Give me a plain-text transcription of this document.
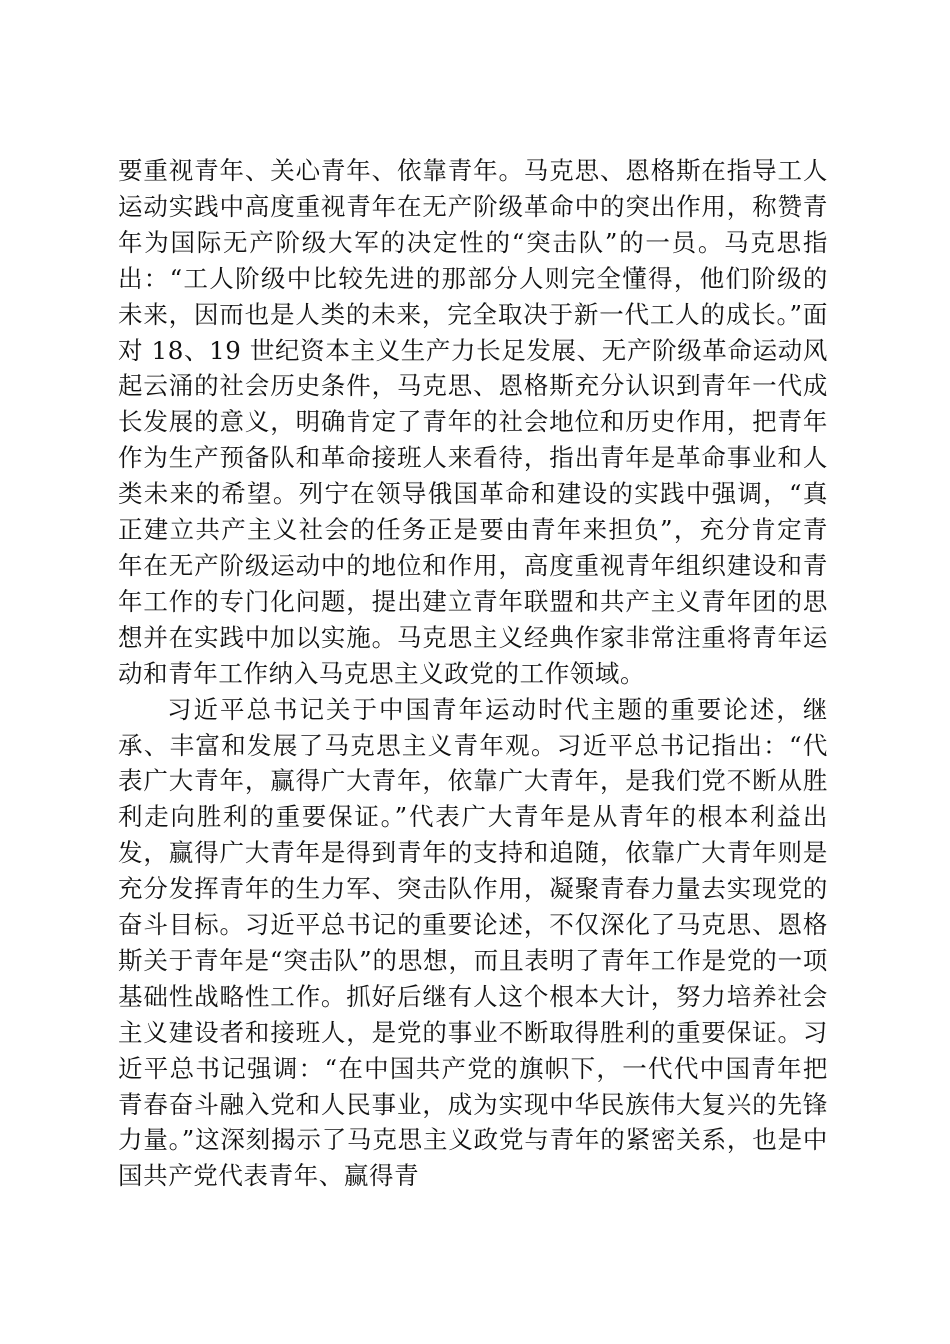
要重视青年、关心青年、依靠青年。马克思、恩格斯在指导工人运动实践中高度重视青年在无产阶级革命中的突出作用，称赞青年为国际无产阶级大军的决定性的“突击队”的一员。马克思指出：“工人阶级中比较先进的那部分人则完全懂得，他们阶级的未来，因而也是人类的未来，完全取决于新一代工人的成长。”面对 18、19 世纪资本主义生产力长足发展、无产阶级革命运动风起云涌的社会历史条件，马克思、恩格斯充分认识到青年一代成长发展的意义，明确肯定了青年的社会地位和历史作用，把青年作为生产预备队和革命接班人来看待，指出青年是革命事业和人类未来的希望。列宁在领导俄国革命和建设的实践中强调，“真正建立共产主义社会的任务正是要由青年来担负”，充分肯定青年在无产阶级运动中的地位和作用，高度重视青年组织建设和青年工作的专门化问题，提出建立青年联盟和共产主义青年团的思想并在实践中加以实施。马克思主义经典作家非常注重将青年运动和青年工作纳入马克思主义政党的工作领域。

习近平总书记关于中国青年运动时代主题的重要论述，继承、丰富和发展了马克思主义青年观。习近平总书记指出：“代表广大青年，赢得广大青年，依靠广大青年，是我们党不断从胜利走向胜利的重要保证。”代表广大青年是从青年的根本利益出发，赢得广大青年是得到青年的支持和追随，依靠广大青年则是充分发挥青年的生力军、突击队作用，凝聚青春力量去实现党的奋斗目标。习近平总书记的重要论述，不仅深化了马克思、恩格斯关于青年是“突击队”的思想，而且表明了青年工作是党的一项基础性战略性工作。抓好后继有人这个根本大计，努力培养社会主义建设者和接班人，是党的事业不断取得胜利的重要保证。习近平总书记强调：“在中国共产党的旗帜下，一代代中国青年把青春奋斗融入党和人民事业，成为实现中华民族伟大复兴的先锋力量。”这深刻揭示了马克思主义政党与青年的紧密关系，也是中国共产党代表青年、赢得青
